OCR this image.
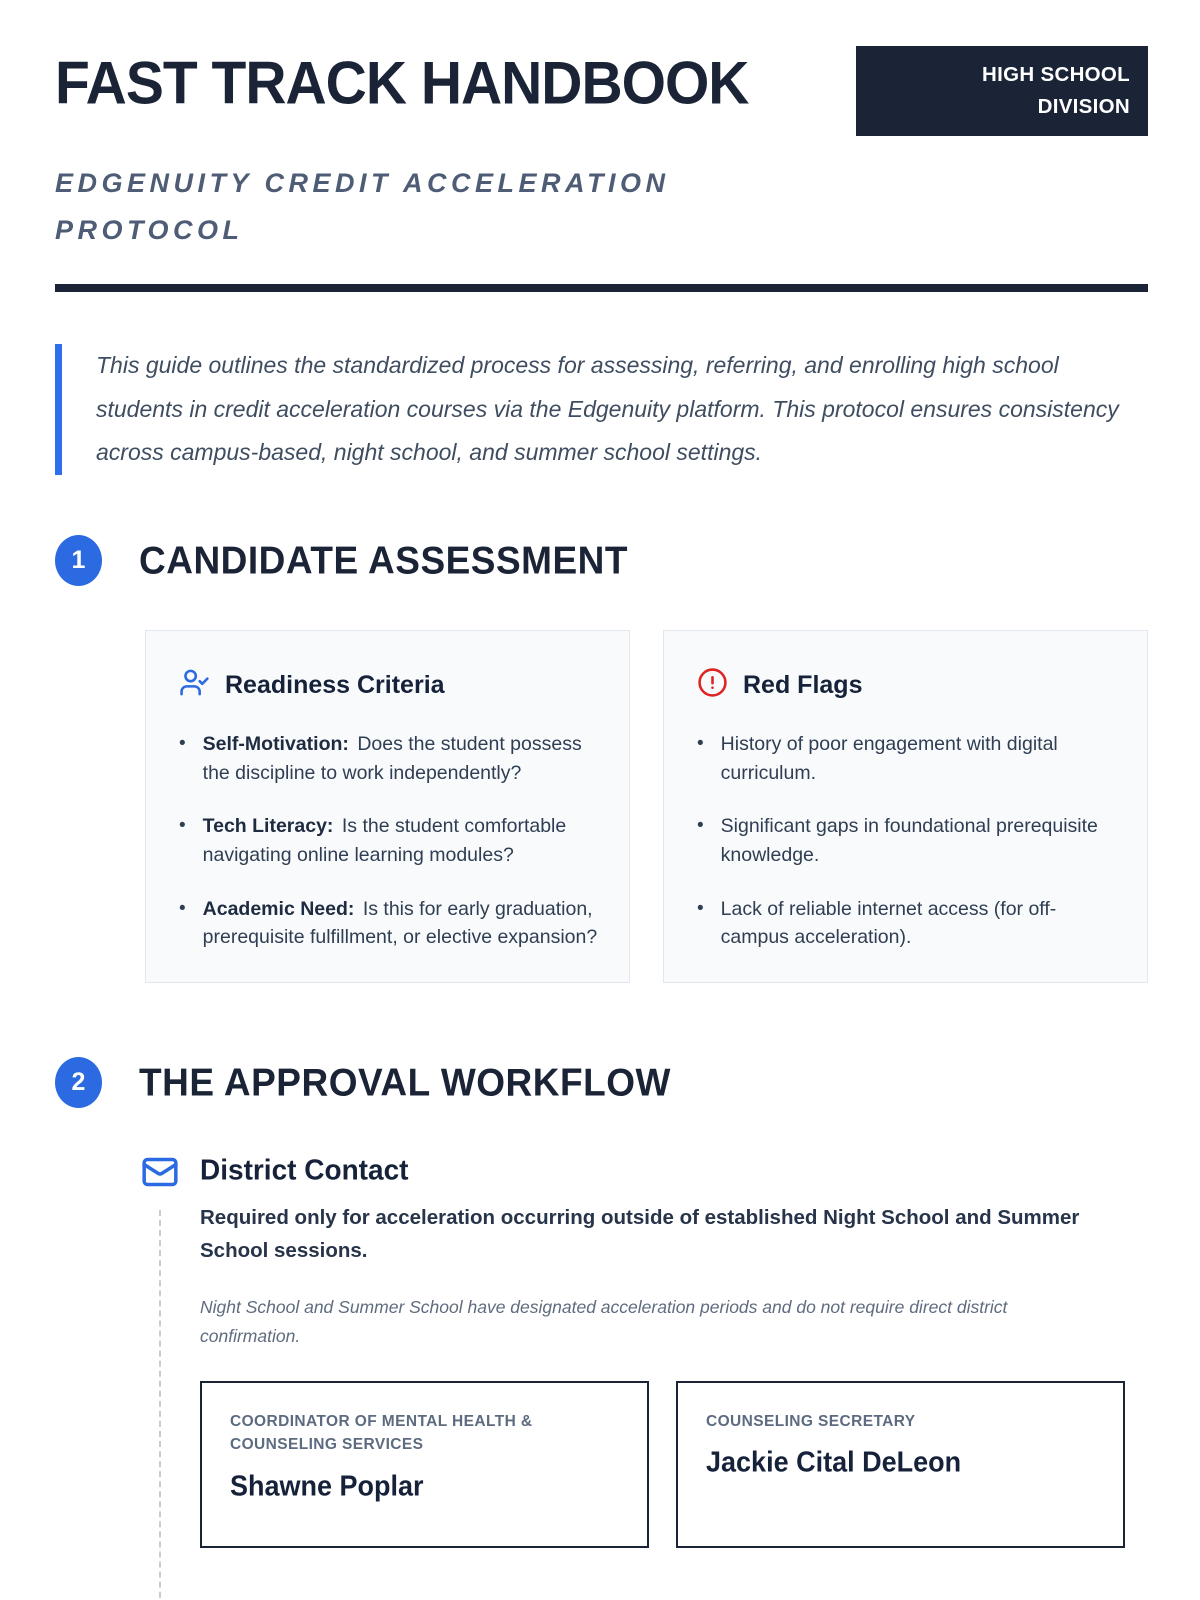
FAST TRACK HANDBOOK	HIGH SCHOOL
DIVISION
EDGENUITY CREDIT ACCELERATION PROTOCOL
This guide outlines the standardized process for assessing, referring, and enrolling high school students in credit acceleration courses via the Edgenuity platform. This protocol ensures consistency across campus-based, night school, and summer school settings.
1	CANDIDATE ASSESSMENT
Readiness Criteria
• Self-Motivation: Does the student possess the discipline to work independently?
• Tech Literacy: Is the student comfortable navigating online learning modules?
• Academic Need: Is this for early graduation, prerequisite fulfillment, or elective expansion?
Red Flags
• History of poor engagement with digital curriculum.
• Significant gaps in foundational prerequisite knowledge.
• Lack of reliable internet access (for off-campus acceleration).
2	THE APPROVAL WORKFLOW
District Contact
Required only for acceleration occurring outside of established Night School and Summer School sessions.
Night School and Summer School have designated acceleration periods and do not require direct district confirmation.
COORDINATOR OF MENTAL HEALTH & COUNSELING SERVICES
Shawne Poplar
COUNSELING SECRETARY
Jackie Cital DeLeon
